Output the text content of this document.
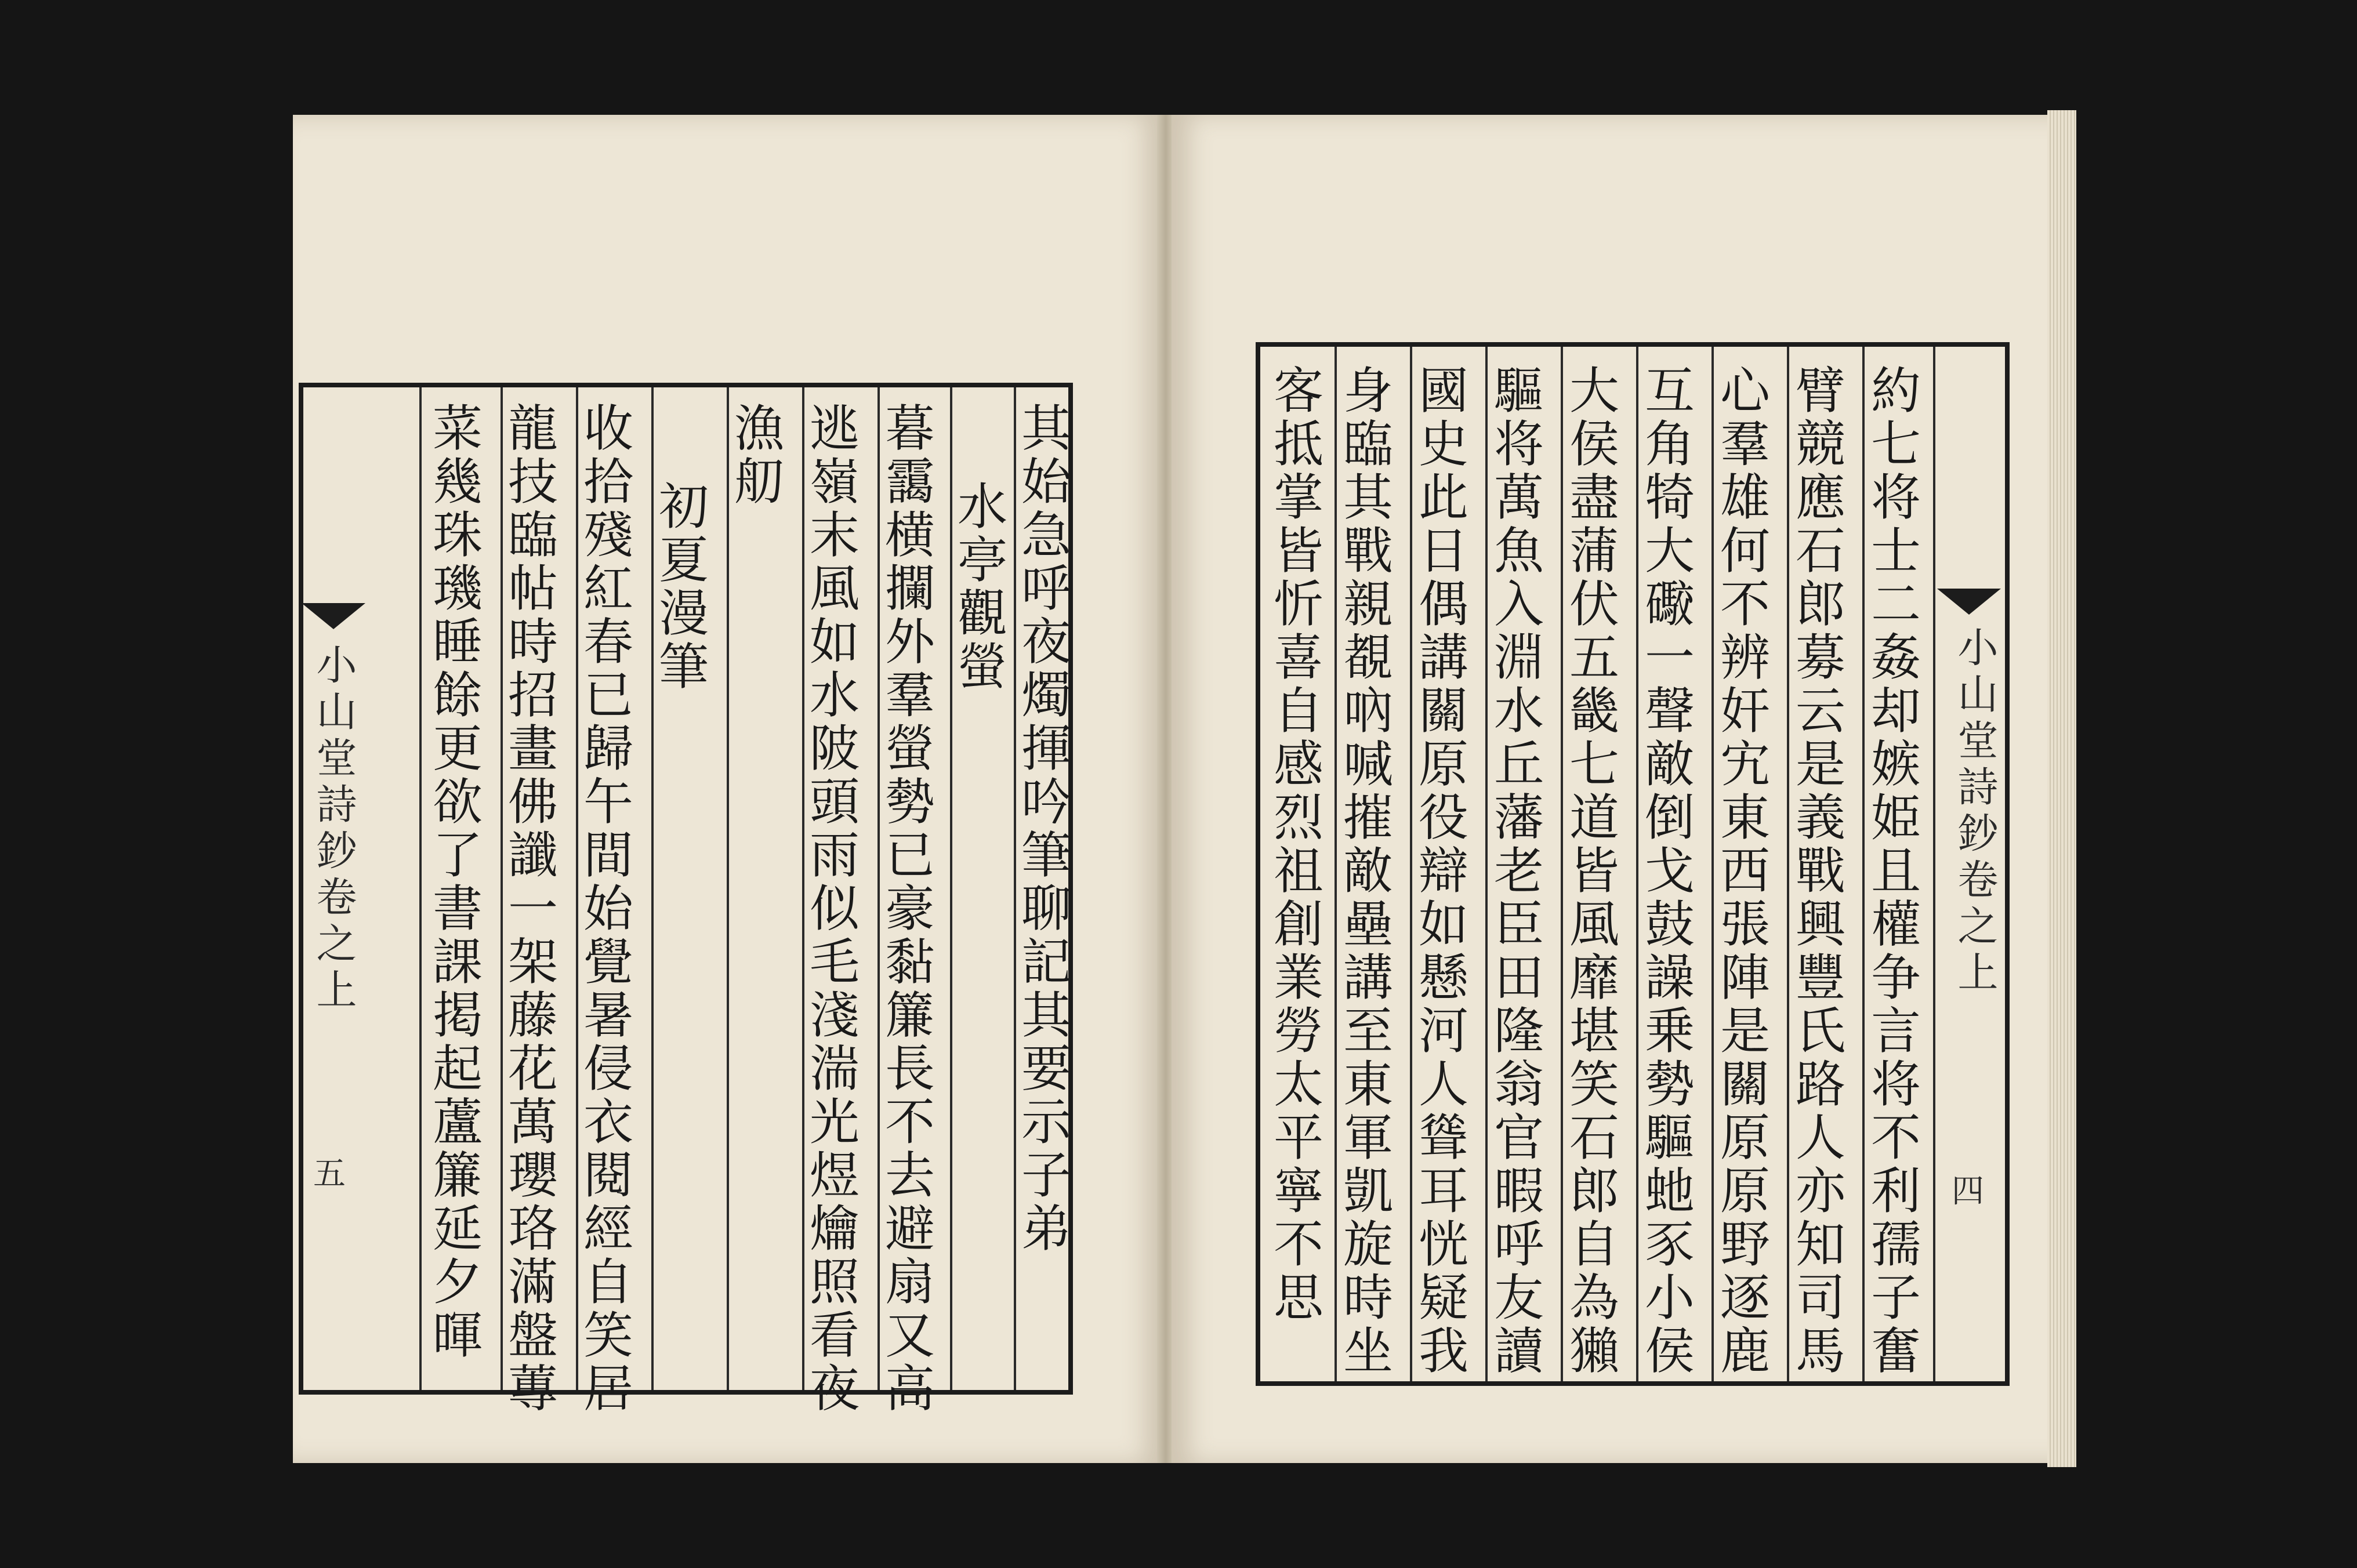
其始急呼夜燭揮吟筆聊記其要示子弟
水亭觀螢
暮靄横攔外羣螢勢已豪黏簾長不去避扇又高
逃嶺末風如水陂頭雨似毛淺湍光煜爚照看夜
漁舠
初夏漫筆
收拾殘紅春已歸午間始覺暑侵衣閱經自笑居
龍技臨帖時招畫佛讖一架藤花萬瓔珞滿盤蓴
菜幾珠璣睡餘更欲了書課掲起蘆簾延夕暉
小山堂詩鈔卷之上
五	約七将士二姦却嫉姫且權争言将不利孺子奮
臂競應石郎募云是義戰興豐氏路人亦知司馬
心羣雄何不辨奸宄東西張陣是關原原野逐鹿
互角犄大礮一聲敵倒戈鼓譟乗勢驅虵豕小侯
大侯盡蒲伏五畿七道皆風靡堪笑石郎自為獺
驅将萬魚入淵水丘藩老臣田隆翁官暇呼友讀
國史此日偶講關原役辯如懸河人聳耳恍疑我
身臨其戰親覩吶喊摧敵壘講至東軍凱旋時坐
客抵掌皆忻喜自感烈祖創業勞太平寧不思	小山堂詩鈔卷之上
四
